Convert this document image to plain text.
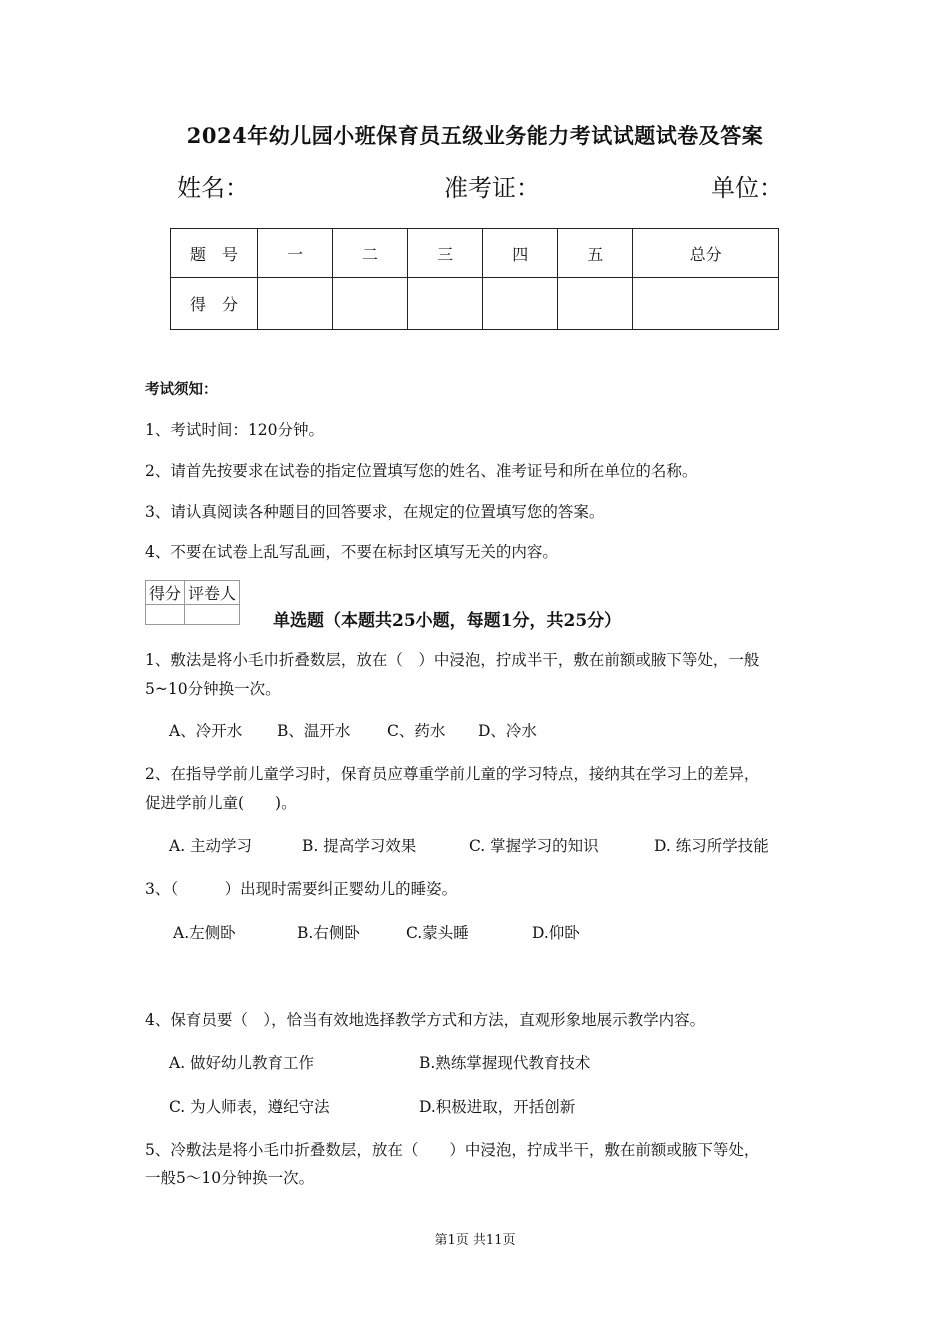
2024年幼儿园小班保育员五级业务能力考试试题试卷及答案
姓名：	准考证：	单位：
题　号	一	二	三	四	五	总分
得　分						
考试须知：
1、考试时间：120分钟。
2、请首先按要求在试卷的指定位置填写您的姓名、准考证号和所在单位的名称。
3、请认真阅读各种题目的回答要求，在规定的位置填写您的答案。
4、不要在试卷上乱写乱画，不要在标封区填写无关的内容。
得分	评卷人

单选题（本题共25小题，每题1分，共25分）
1、敷法是将小毛巾折叠数层，放在（　）中浸泡，拧成半干，敷在前额或腋下等处，一般
5~10分钟换一次。
A、冷开水 B、温开水 C、药水 D、冷水
2、在指导学前儿童学习时，保育员应尊重学前儿童的学习特点，接纳其在学习上的差异，
促进学前儿童(　　)。
A. 主动学习	B. 提高学习效果	C. 掌握学习的知识	D. 练习所学技能
3、（　　　）出现时需要纠正婴幼儿的睡姿。
A.左侧卧	B.右侧卧	C.蒙头睡	D.仰卧
4、保育员要（　），恰当有效地选择教学方式和方法，直观形象地展示教学内容。
A. 做好幼儿教育工作	B.熟练掌握现代教育技术
C. 为人师表，遵纪守法	D.积极进取，开括创新
5、冷敷法是将小毛巾折叠数层，放在（　　）中浸泡，拧成半干，敷在前额或腋下等处，
一般5～10分钟换一次。
第1页 共11页
